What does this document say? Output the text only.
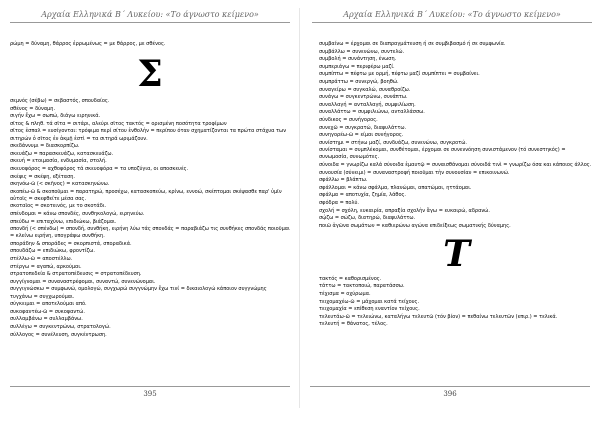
Αρχαία Ελληνικά Β΄ Λυκείου: «Το άγνωστο κείμενο»
ρώμη = δύναμη, θάρρος ἐρρωμένως = με θάρρος, με σθένος.
Σ
σεμνός (σέβω) = σεβαστός, σπουδαίος.
σθένος = δύναμη.
σιγήν ἔχω = σωπώ, διάγω ειρηνικά.
σῖτος & πληθ. τά σῖτα = σιτάρι, αλεύρι σῖτος τακτός = ορισμένη ποσότητα τροφίμων
σῖτος ἐσπαλ = ευσίγονται: τρόφιμα περί σίτου ἐνθολὴν = περίπου όταν σχηματίζονται τα πρώτα στάχυα των σιτηρών ὁ σῖτος ἐν ἀκμῇ ἐστὶ = τα σιτηρά ωριμάζουν.
σκεδάννυμι = διασκορπίζω.
σκευάζω = παρασκευάζω, κατασκευάζω.
σκευή = ετοιμασία, ενδυμασία, στολή.
σκευοφόρος = αχθοφόρος τά σκευοφόρα = τα υποζύγια, οι αποσκευές.
σκέψις = σκέψη, εξέταση.
σκηνόω-ῶ (< σκῆνος) = κατασκηνώνω.
σκοπέω-ῶ & σκοποῦμαι = παρατηρώ, προσέχω, κατασκοπεύω, κρίνω, εννοώ, σκέπτομαι σκέψασθε παρ' ὑμῖν αὐτοῖς = σκεφθείτε μέσα σας.
σκοταῖος = σκοτεινός, με το σκοτάδι.
σπένδομαι = κάνω σπονδές, συνθηκολογώ, ειρηνεύω.
σπεύδω = επιταχύνω, επιδιώκω, βιάζομαι.
σπονδή (< σπένδω) = σπονδή, συνθήκη, ειρήνη λύω τάς σπονδάς = παραβιάζω τις συνθήκες σπονδάς ποιοῦμαι = κλείνω ειρήνη, υπογράφω συνθήκη.
σποράδην & σποράδες = σκορπιστά, σποραδικά.
σπουδάζω = επιδιώκω, φροντίζω.
στέλλω-ῶ = αποστέλλω.
στέργω = αγαπώ, αρκούμαι.
στρατοπεδεία & στρατοπέδευσις = στρατοπέδευση.
συγγίγνομαι = συναναστρέφομαι, συναντώ, συνενώνομαι.
συγγιγνώσκω = συμφωνώ, ομολογώ, συγχωρώ συγγνώμην ἔχω τινί = δικαιολογώ κάποιον συγγνώμης τυγχάνω = συγχωρούμαι.
σύγκειμαι = αποτελούμαι από.
συκοφαντέω-ῶ = συκοφαντώ.
συλλαμβάνω = συλλαμβάνω.
συλλέγω = συγκεντρώνω, στρατολογώ.
σύλλογος = συνέλευση, συγκέντρωση.
395
Αρχαία Ελληνικά Β΄ Λυκείου: «Το άγνωστο κείμενο»
συμβαίνω = έρχομαι σε διαπραγμάτευση ή σε συμβιβασμό ή σε συμφωνία.
συμβάλλω = συνενώνω, συντελώ.
συμβολή = συνάντηση, ένωση.
συμπεριάγω = περιφέρω μαζί.
συμπίπτω = πέφτω με ορμή, πέφτω μαζί συμπίπτει = συμβαίνει.
συμπράττω = συνεργώ, βοηθώ.
συναγείρω = συγκαλώ, συναθροίζω.
συνάγω = συγκεντρώνω, συνάπτω.
συναλλαγή = ανταλλαγή, συμφιλίωση.
συναλλάττω = συμφιλιώνω, ανταλλάσσω.
σύνδικος = συνήγορος.
συνεχῶ = συγκρατώ, διαφυλάττω.
συνηγορέω-ῶ = είμαι συνήγορος.
συνίστημι = στήνω μαζί, συνδυάζω, συνενώνω, συγκροτώ.
συνίσταμαι = συμπλέκομαι, συνθέτομαι, έρχομαι σε συνεννόηση συνιστάμενον (τό συνεστηκός) = συνωμοσία, συνωμότες.
σύνοιδα = γνωρίζω καλά σύνοιδα ἐμαυτῷ = συναισθάνομαι σύνοιδά τινὶ = γνωρίζω όσα και κάποιος άλλος.
συνουσία (σύνειμι) = συναναστροφή ποιοῦμαι τὴν συνουσίαν = επικοινωνώ.
σφάλλω = βλάπτω.
σφάλλομαι = κάνω σφάλμα, πλανώμαι, απατώμαι, ηττάομαι.
σφάλμα = αποτυχία, ζημία, λάθος.
σφόδρα = πολύ.
σχολή = σχόλη, ευκαιρία, απραξία σχολὴν ἄγω = ευκαιρώ, αδρανώ.
σῴζω = σώζω, διατηρώ, διαφυλάττω.
ποιῶ ἀγῶνα σωμάτων = καθιερώνω αγώνα επιδείξεως σωματικής δύναμης.
Τ
τακτός = καθορισμένος.
τάττω = τακτοποιώ, παρατάσσω.
τέχισμα = οχύρωμα.
τειχομαχέω-ῶ = μάχομαι κατά τείχους.
τειχομαχία = επίθεση εναντίον τείχους.
τελευτάω-ῶ = τελειώνω, καταλήγω τελευτῶ (τόν βίον) = πεθαίνω τελευτῶν (επιρ.) = τελικά.
τελευτή = θάνατος, τέλος.
396
